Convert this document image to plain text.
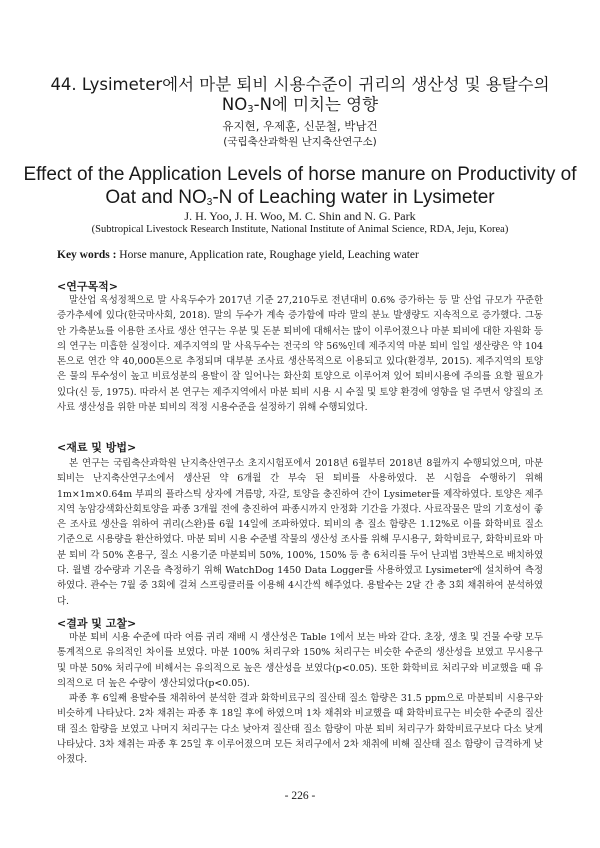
44. Lysimeter에서 마분 퇴비 시용수준이 귀리의 생산성 및 용탈수의
$NO_3-N$에 미치는 영향
유지현, 우제훈, 신문철, 박남건
(국립축산과학원 난지축산연구소)
Effect of the Application Levels of horse manure on Productivity of
Oat and $NO_3-N$ of Leaching water in Lysimeter
J. H. Yoo, J. H. Woo, M. C. Shin and N. G. Park
(Subtropical Livestock Research Institute, National Institute of Animal Science, RDA, Jeju, Korea)
Key words : Horse manure, Application rate, Roughage yield, Leaching water
<연구목적>
말산업 육성정책으로 말 사육두수가 2017년 기준 27,210두로 전년대비 0.6% 증가하는 등 말 산업 규모가 꾸준한 증가추세에 있다(한국마사회, 2018). 말의 두수가 계속 증가함에 따라 말의 분뇨 발생량도 지속적으로 증가했다. 그동안 가축분뇨를 이용한 조사료 생산 연구는 우분 및 돈분 퇴비에 대해서는 많이 이루어졌으나 마분 퇴비에 대한 자원화 등의 연구는 미흡한 실정이다. 제주지역의 말 사육두수는 전국의 약 56%인데 제주지역 마분 퇴비 일일 생산량은 약 104톤으로 연간 약 40,000톤으로 추정되며 대부분 조사료 생산목적으로 이용되고 있다(환경부, 2015). 제주지역의 토양은 물의 투수성이 높고 비료성분의 용탈이 잘 일어나는 화산회 토양으로 이루어져 있어 퇴비시용에 주의를 요할 필요가 있다(신 등, 1975). 따라서 본 연구는 제주지역에서 마분 퇴비 시용 시 수질 및 토양 환경에 영향을 덜 주면서 양질의 조사료 생산성을 위한 마분 퇴비의 적정 시용수준을 설정하기 위해 수행되었다.
<재료 및 방법>
본 연구는 국립축산과학원 난지축산연구소 초지시험포에서 2018년 6월부터 2018년 8월까지 수행되었으며, 마분 퇴비는 난지축산연구소에서 생산된 약 6개월 간 부숙 된 퇴비를 사용하였다. 본 시험을 수행하기 위해 1m×1m×0.64m 부피의 플라스틱 상자에 겨름망, 자갈, 토양을 충진하여 간이 Lysimeter를 제작하였다. 토양은 제주지역 농암강색화산회토양을 파종 3개월 전에 충진하여 파종시까지 안정화 기간을 가졌다. 사료작물은 말의 기호성이 좋은 조사료 생산을 위하여 귀리(스완)를 6월 14일에 조파하였다. 퇴비의 총 질소 함량은 1.12%로 이를 화학비료 질소 기준으로 시용량을 환산하였다. 마분 퇴비 시용 수준별 작물의 생산성 조사를 위해 무시용구, 화학비료구, 화학비료와 마분 퇴비 각 50% 혼용구, 질소 시용기준 마분퇴비 50%, 100%, 150% 등 총 6처리를 두어 난괴법 3반복으로 배치하였다. 월별 강수량과 기온을 측정하기 위해 WatchDog 1450 Data Logger를 사용하였고 Lysimeter에 설치하여 측정하였다. 관수는 7월 중 3회에 걸쳐 스프링클러를 이용해 4시간씩 해주었다. 용탈수는 2달 간 총 3회 채취하여 분석하였다.
<결과 및 고찰>

마분 퇴비 시용 수준에 따라 여름 귀리 재배 시 생산성은 Table 1에서 보는 바와 같다. 초장, 생초 및 건물 수량 모두 통계적으로 유의적인 차이를 보였다. 마분 100% 처리구와 150% 처리구는 비슷한 수준의 생산성을 보였고 무시용구 및 마분 50% 처리구에 비해서는 유의적으로 높은 생산성을 보였다(p<0.05). 또한 화학비료 처리구와 비교했을 때 유의적으로 더 높은 수량이 생산되었다(p<0.05).

파종 후 6일째 용탈수를 채취하여 분석한 결과 화학비료구의 질산태 질소 함량은 31.5 ppm으로 마분퇴비 시용구와 비슷하게 나타났다. 2차 채취는 파종 후 18일 후에 하였으며 1차 채취와 비교했을 때 화학비료구는 비슷한 수준의 질산태 질소 함량을 보였고 나머지 처리구는 다소 낮아져 질산태 질소 함량이 마분 퇴비 처리구가 화학비료구보다 다소 낮게 나타났다. 3차 채취는 파종 후 25일 후 이루어졌으며 모든 처리구에서 2차 채취에 비해 질산태 질소 함량이 급격하게 낮아졌다.

- 226 -
